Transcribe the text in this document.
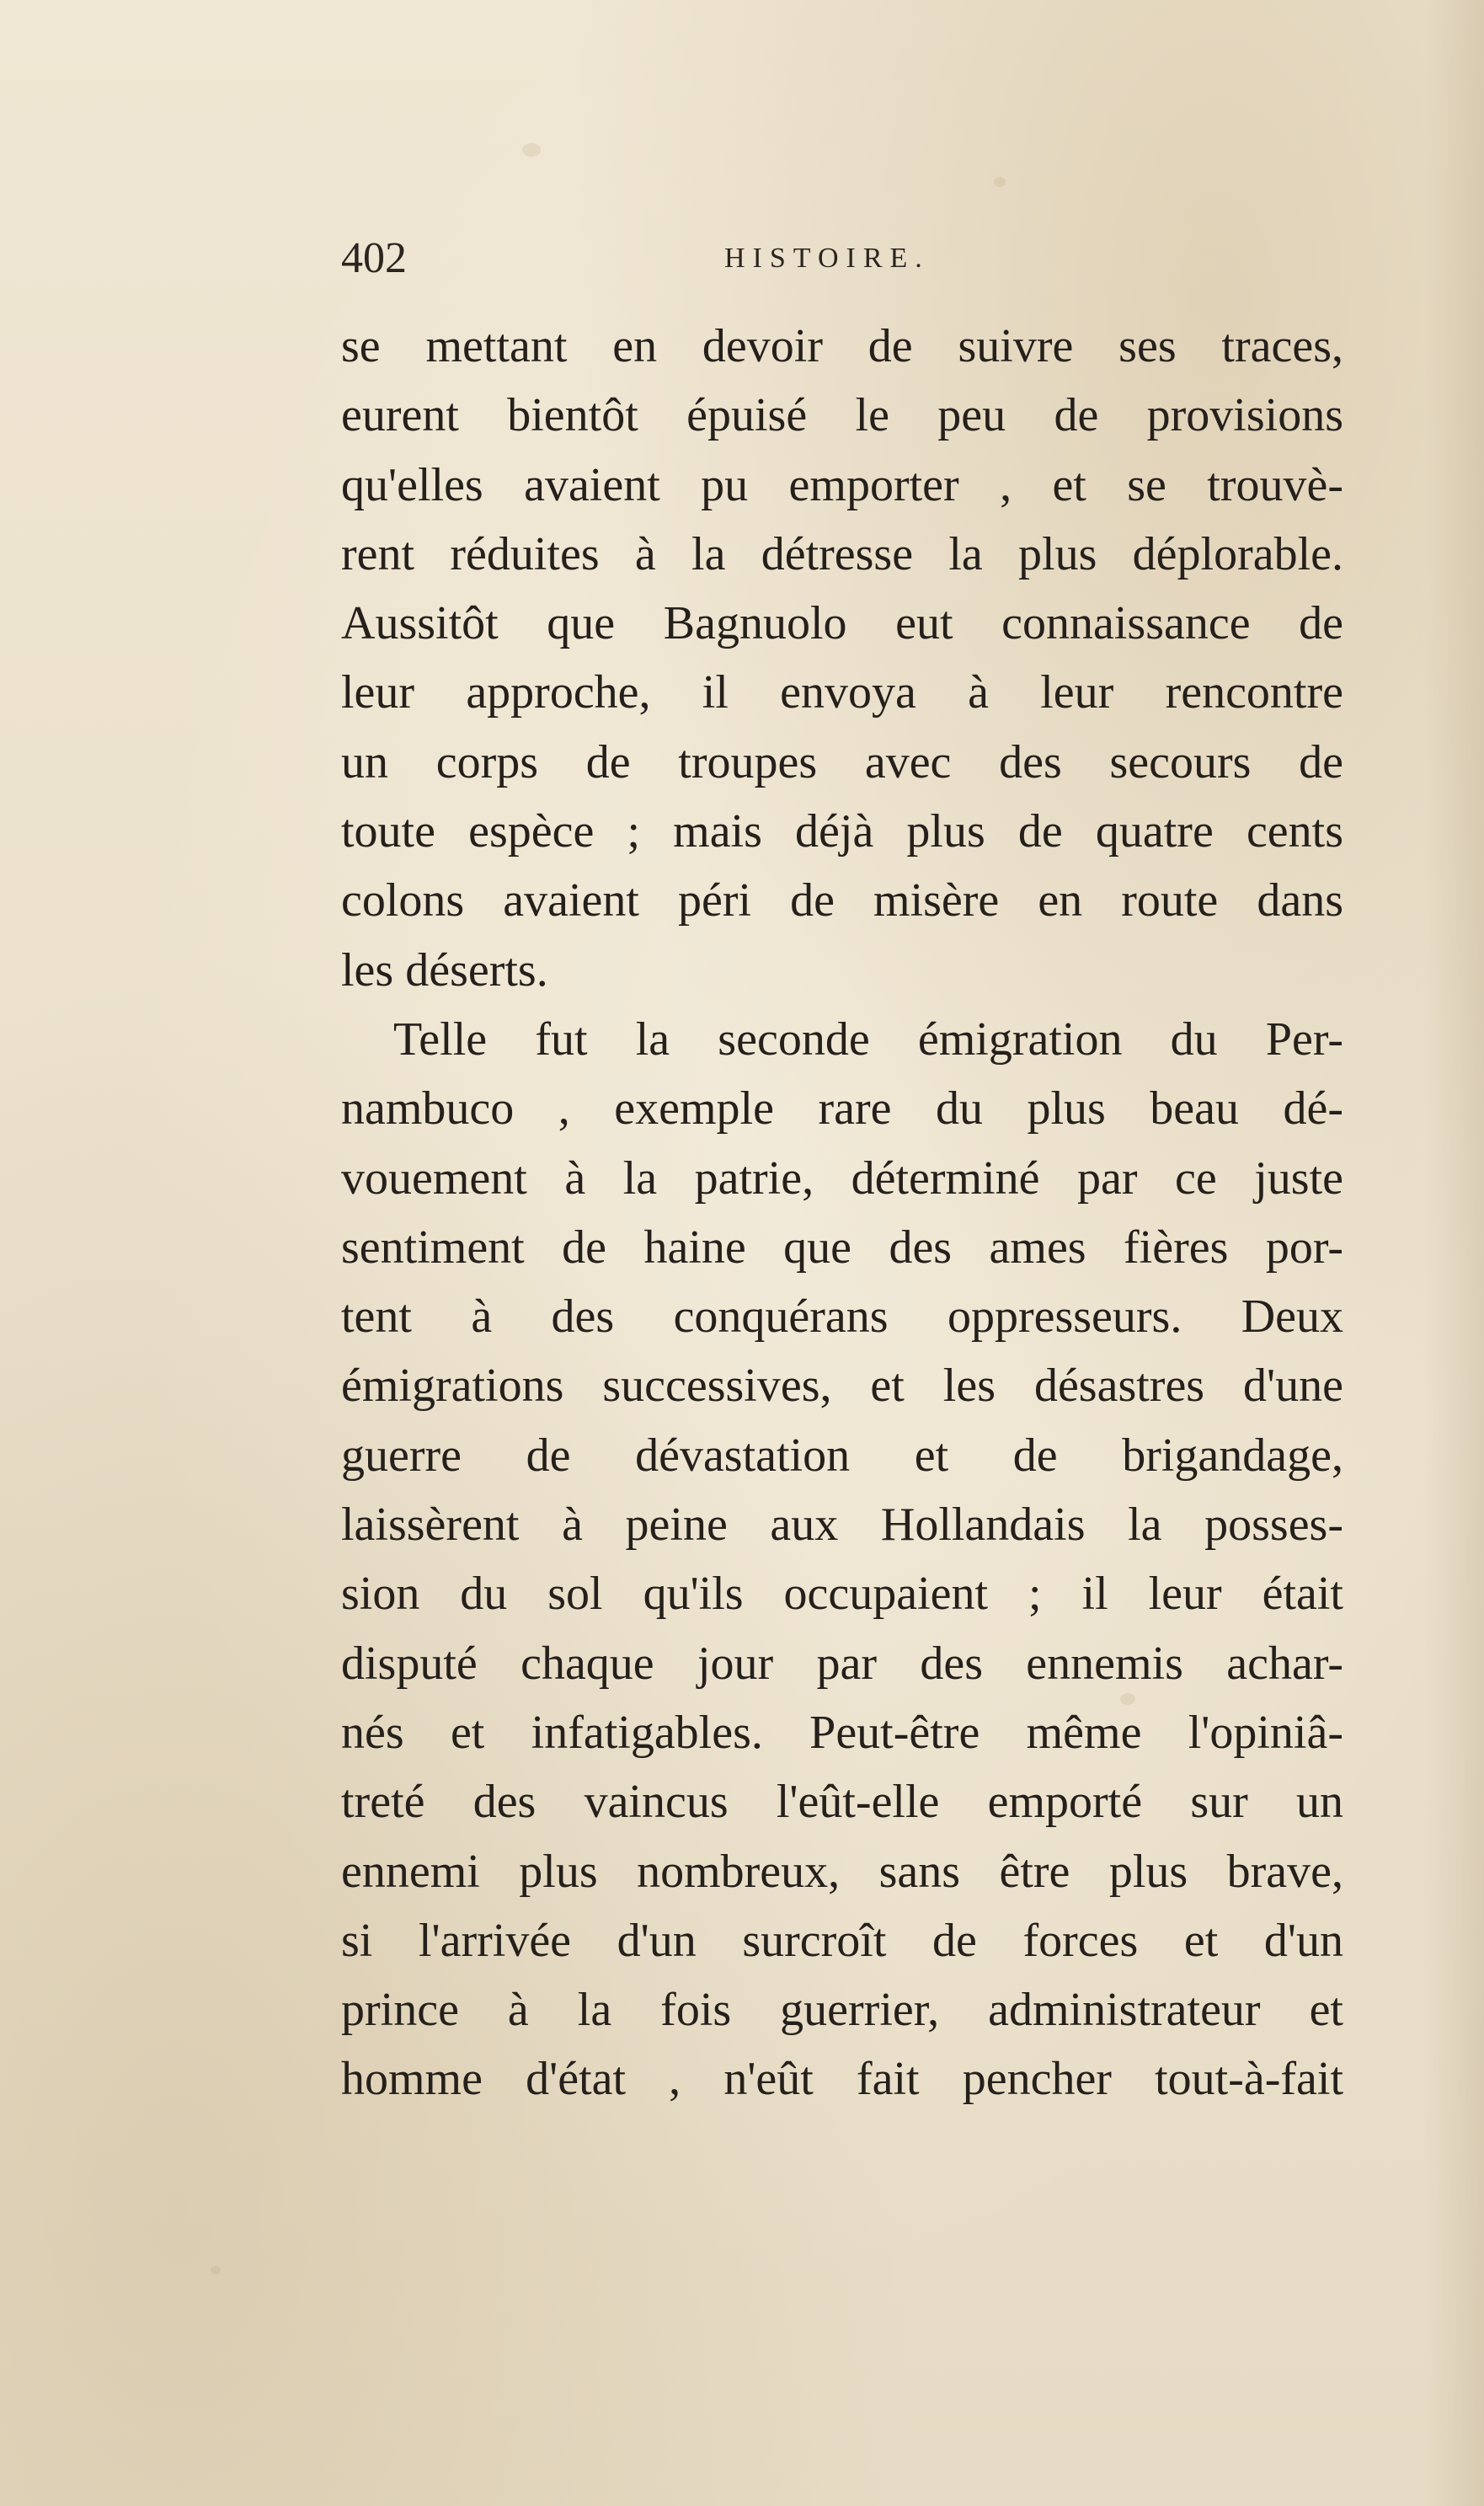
402	HISTOIRE.
se mettant en devoir de suivre ses traces,
eurent bientôt épuisé le peu de provisions
qu'elles avaient pu emporter , et se trouvè-
rent réduites à la détresse la plus déplorable.
Aussitôt que Bagnuolo eut connaissance de
leur approche, il envoya à leur rencontre
un corps de troupes avec des secours de
toute espèce ; mais déjà plus de quatre cents
colons avaient péri de misère en route dans
les déserts.
Telle fut la seconde émigration du Per-
nambuco , exemple rare du plus beau dé-
vouement à la patrie, déterminé par ce juste
sentiment de haine que des ames fières por-
tent à des conquérans oppresseurs. Deux
émigrations successives, et les désastres d'une
guerre de dévastation et de brigandage,
laissèrent à peine aux Hollandais la posses-
sion du sol qu'ils occupaient ; il leur était
disputé chaque jour par des ennemis achar-
nés et infatigables. Peut-être même l'opiniâ-
treté des vaincus l'eût-elle emporté sur un
ennemi plus nombreux, sans être plus brave,
si l'arrivée d'un surcroît de forces et d'un
prince à la fois guerrier, administrateur et
homme d'état , n'eût fait pencher tout-à-fait
